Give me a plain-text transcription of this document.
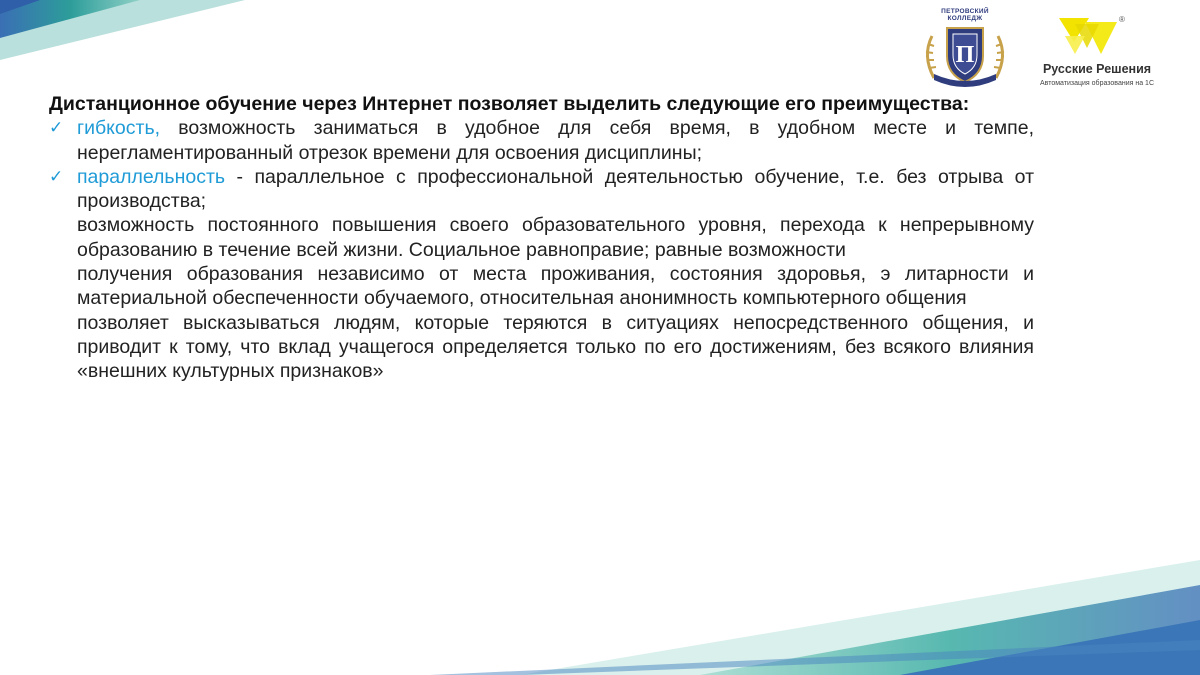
ПЕТРОВСКИЙ
КОЛЛЕДЖ
П
®
Русские Решения
Автоматизация образования на 1С

Дистанционное обучение через Интернет позволяет выделить следующие его преимущества:

✓ гибкость, возможность заниматься в удобное для себя время, в удобном месте и темпе, нерегламентированный отрезок времени для освоения дисциплины;
✓ параллельность - параллельное с профессиональной деятельностью обучение, т.е. без отрыва от производства;
возможность постоянного повышения своего образовательного уровня, перехода к непрерывному образованию в течение всей жизни. Социальное равноправие; равные возможности
получения образования независимо от места проживания, состояния здоровья, э литарности и материальной обеспеченности обучаемого, относительная анонимность компьютерного общения
позволяет высказываться людям, которые теряются в ситуациях непосредственного общения, и приводит к тому, что вклад учащегося определяется только по его достижениям, без всякого влияния «внешних культурных признаков»
